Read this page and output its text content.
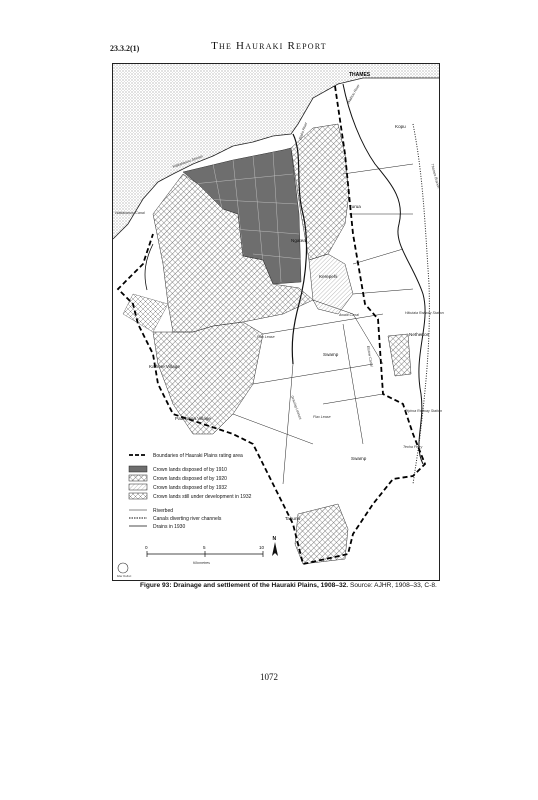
23.3.2(1)	The Hauraki Report
THAMES
Kopu
Turua
Ngatea
Kerepehi
Netherton
Kaihere Village
Patetonga Village
Tahuna
Swamp
Swamp
Flax Lease
Flax Lease
Grazing Leases
Waitakaruru Stream
Waitakaruru Canal
Piako River
Waihou River
Hikutaia Railway Station
Pipiroa Railway Station
Thames Branch
Awaiti Canal
Elstow Canal
Teoha Ferry
Boundaries of Hauraki Plains rating area
Crown lands disposed of by 1910
Crown lands disposed of by 1920
Crown lands disposed of by 1932
Crown lands still under development in 1932
Riverbed
Canals diverting river channels
Drains in 1930
0	5	10
Kilometres
N
Max Oulton
Figure 93: Drainage and settlement of the Hauraki Plains, 1908–32. Source: AJHR, 1908–33, C-8.
1072
